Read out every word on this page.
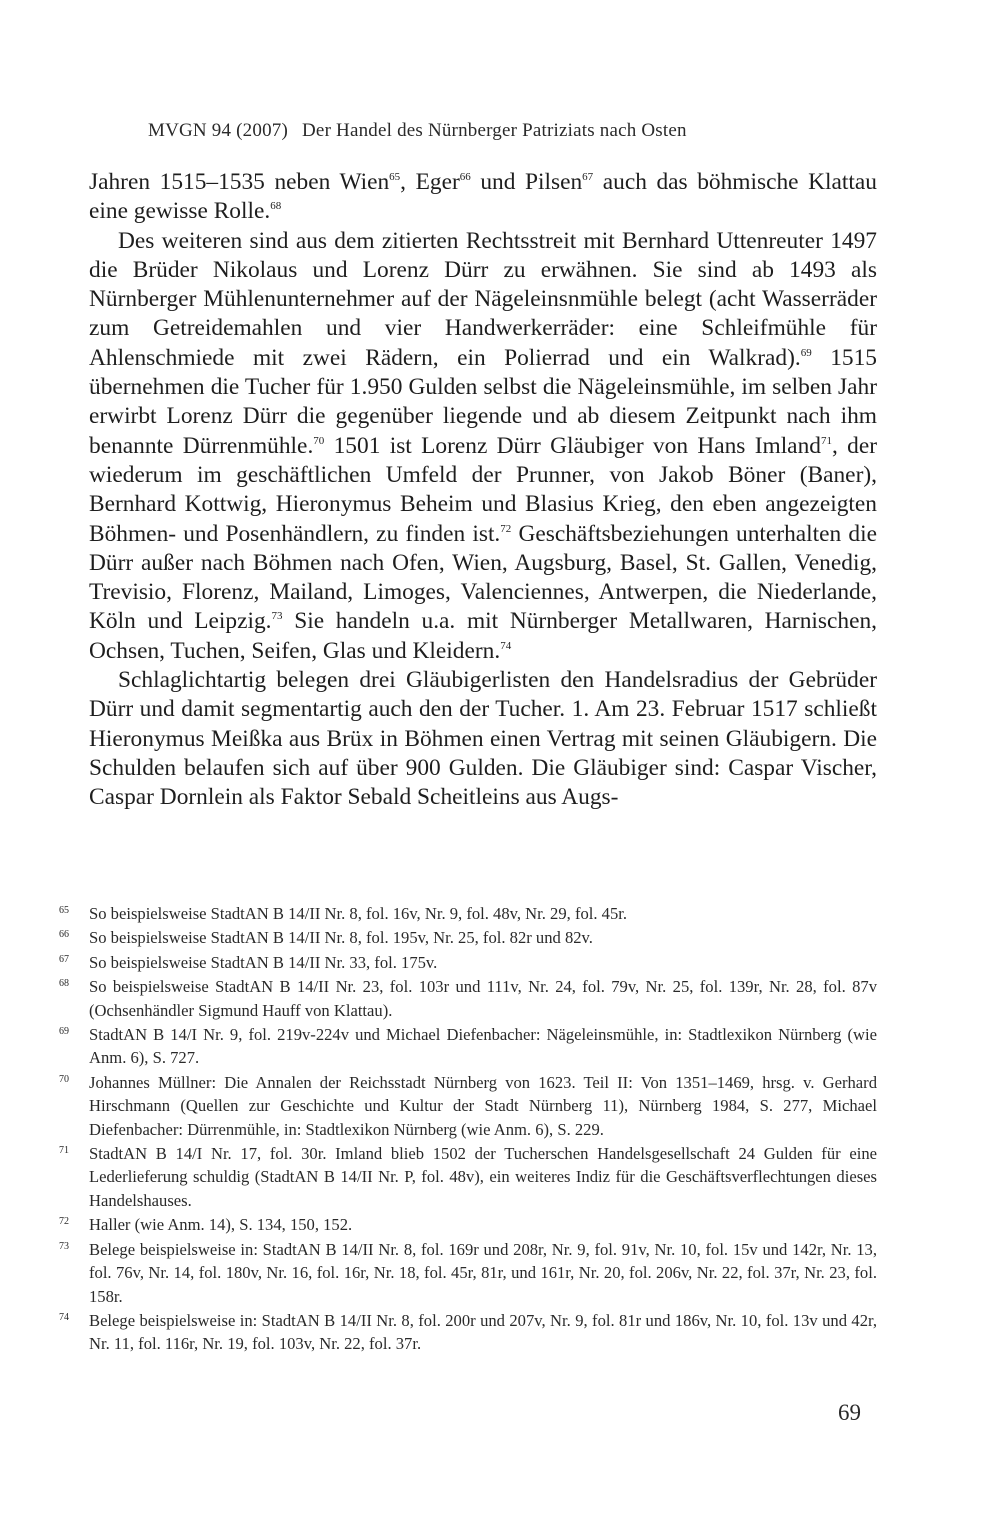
MVGN 94 (2007) Der Handel des Nürnberger Patriziats nach Osten

Jahren 1515–1535 neben Wien$^{65}$, Eger$^{66}$ und Pilsen$^{67}$ auch das böhmische Klattau eine gewisse Rolle.$^{68}$

Des weiteren sind aus dem zitierten Rechtsstreit mit Bernhard Uttenreuter 1497 die Brüder Nikolaus und Lorenz Dürr zu erwähnen. Sie sind ab 1493 als Nürnberger Mühlenunternehmer auf der Nägeleinsnmühle belegt (acht Wasserräder zum Getreidemahlen und vier Handwerkerräder: eine Schleifmühle für Ahlenschmiede mit zwei Rädern, ein Polierrad und ein Walkrad).$^{69}$ 1515 übernehmen die Tucher für 1.950 Gulden selbst die Nägeleinsmühle, im selben Jahr erwirbt Lorenz Dürr die gegenüber liegende und ab diesem Zeitpunkt nach ihm benannte Dürrenmühle.$^{70}$ 1501 ist Lorenz Dürr Gläubiger von Hans Imland$^{71}$, der wiederum im geschäftlichen Umfeld der Prunner, von Jakob Böner (Baner), Bernhard Kottwig, Hieronymus Beheim und Blasius Krieg, den eben angezeigten Böhmen- und Posenhändlern, zu finden ist.$^{72}$ Geschäftsbeziehungen unterhalten die Dürr außer nach Böhmen nach Ofen, Wien, Augsburg, Basel, St. Gallen, Venedig, Trevisio, Florenz, Mailand, Limoges, Valenciennes, Antwerpen, die Niederlande, Köln und Leipzig.$^{73}$ Sie handeln u.a. mit Nürnberger Metallwaren, Harnischen, Ochsen, Tuchen, Seifen, Glas und Kleidern.$^{74}$

Schlaglichtartig belegen drei Gläubigerlisten den Handelsradius der Gebrüder Dürr und damit segmentartig auch den der Tucher. 1. Am 23. Februar 1517 schließt Hieronymus Meißka aus Brüx in Böhmen einen Vertrag mit seinen Gläubigern. Die Schulden belaufen sich auf über 900 Gulden. Die Gläubiger sind: Caspar Vischer, Caspar Dornlein als Faktor Sebald Scheitleins aus Augs-

65	So beispielsweise StadtAN B 14/II Nr. 8, fol. 16v, Nr. 9, fol. 48v, Nr. 29, fol. 45r.
66	So beispielsweise StadtAN B 14/II Nr. 8, fol. 195v, Nr. 25, fol. 82r und 82v.
67	So beispielsweise StadtAN B 14/II Nr. 33, fol. 175v.
68	So beispielsweise StadtAN B 14/II Nr. 23, fol. 103r und 111v, Nr. 24, fol. 79v, Nr. 25, fol. 139r, Nr. 28, fol. 87v (Ochsenhändler Sigmund Hauff von Klattau).
69	StadtAN B 14/I Nr. 9, fol. 219v-224v und Michael Diefenbacher: Nägeleinsmühle, in: Stadtlexikon Nürnberg (wie Anm. 6), S. 727.
70	Johannes Müllner: Die Annalen der Reichsstadt Nürnberg von 1623. Teil II: Von 1351–1469, hrsg. v. Gerhard Hirschmann (Quellen zur Geschichte und Kultur der Stadt Nürnberg 11), Nürnberg 1984, S. 277, Michael Diefenbacher: Dürrenmühle, in: Stadtlexikon Nürnberg (wie Anm. 6), S. 229.
71	StadtAN B 14/I Nr. 17, fol. 30r. Imland blieb 1502 der Tucherschen Handelsgesellschaft 24 Gulden für eine Lederlieferung schuldig (StadtAN B 14/II Nr. P, fol. 48v), ein weiteres Indiz für die Geschäftsverflechtungen dieses Handelshauses.
72	Haller (wie Anm. 14), S. 134, 150, 152.
73	Belege beispielsweise in: StadtAN B 14/II Nr. 8, fol. 169r und 208r, Nr. 9, fol. 91v, Nr. 10, fol. 15v und 142r, Nr. 13, fol. 76v, Nr. 14, fol. 180v, Nr. 16, fol. 16r, Nr. 18, fol. 45r, 81r, und 161r, Nr. 20, fol. 206v, Nr. 22, fol. 37r, Nr. 23, fol. 158r.
74	Belege beispielsweise in: StadtAN B 14/II Nr. 8, fol. 200r und 207v, Nr. 9, fol. 81r und 186v, Nr. 10, fol. 13v und 42r, Nr. 11, fol. 116r, Nr. 19, fol. 103v, Nr. 22, fol. 37r.
69
